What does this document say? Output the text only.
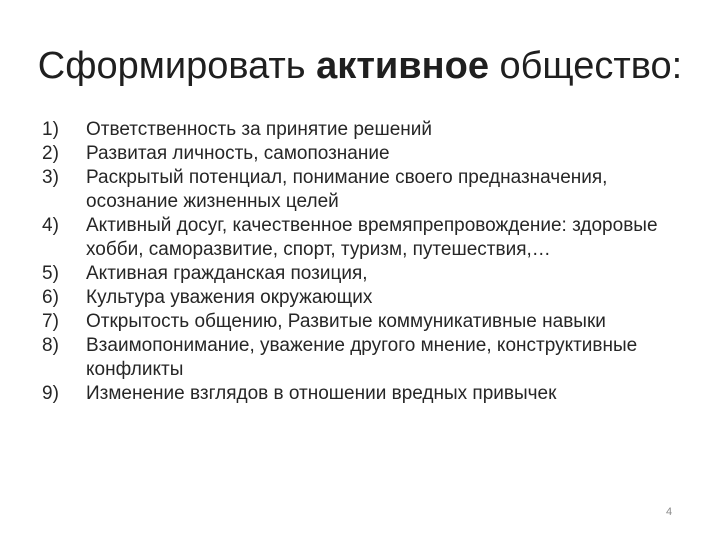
Сформировать активное общество:
1)	Ответственность за принятие решений
2)	Развитая личность, самопознание
3)	Раскрытый потенциал, понимание своего предназначения, осознание жизненных целей
4)	Активный досуг, качественное времяпрепровождение: здоровые хобби, саморазвитие, спорт, туризм, путешествия,…
5)	Активная гражданская позиция,
6)	Культура уважения окружающих
7)	Открытость общению, Развитые коммуникативные навыки
8)	Взаимопонимание, уважение другого мнение, конструктивные конфликты
9)	Изменение взглядов в отношении вредных привычек
4
